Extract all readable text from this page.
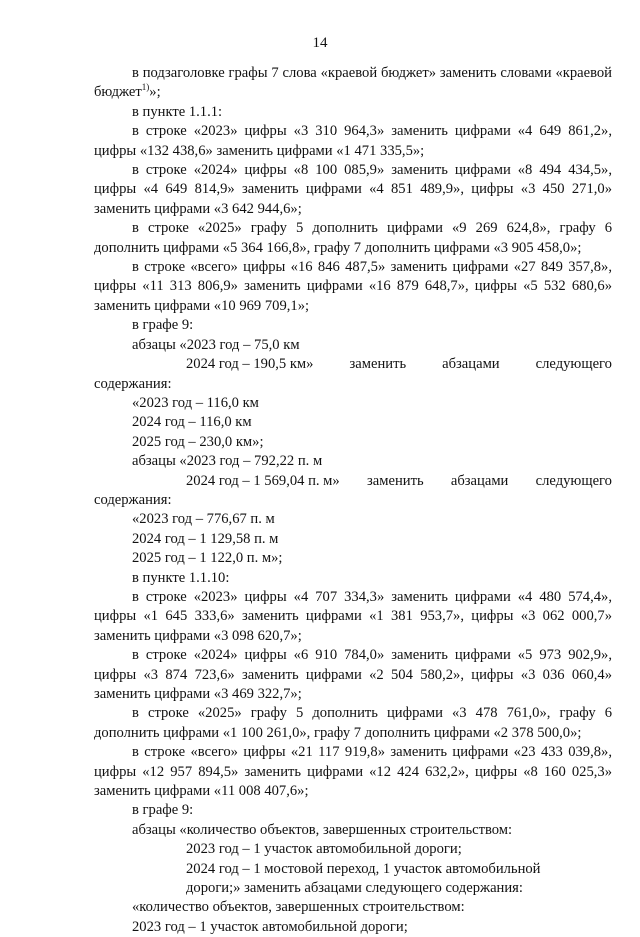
14

в подзаголовке графы 7 слова «краевой бюджет» заменить словами «краевой бюджет$^{1)}$»;

в пункте 1.1.1:

в строке «2023» цифры «3 310 964,3» заменить цифрами «4 649 861,2», цифры «132 438,6» заменить цифрами «1 471 335,5»;

в строке «2024» цифры «8 100 085,9» заменить цифрами «8 494 434,5», цифры «4 649 814,9» заменить цифрами «4 851 489,9», цифры «3 450 271,0» заменить цифрами «3 642 944,6»;

в строке «2025» графу 5 дополнить цифрами «9 269 624,8», графу 6 дополнить цифрами «5 364 166,8», графу 7 дополнить цифрами «3 905 458,0»;

в строке «всего» цифры «16 846 487,5» заменить цифрами «27 849 357,8», цифры «11 313 806,9» заменить цифрами «16 879 648,7», цифры «5 532 680,6» заменить цифрами «10 969 709,1»;

в графе 9:

абзацы «2023 год – 75,0 км

2024 год – 190,5 км» заменить абзацами следующего

содержания:

«2023 год – 116,0 км

2024 год – 116,0 км

2025 год – 230,0 км»;

абзацы «2023 год – 792,22 п. м

2024 год – 1 569,04 п. м» заменить абзацами следующего

содержания:

«2023 год – 776,67 п. м

2024 год – 1 129,58 п. м

2025 год – 1 122,0 п. м»;

в пункте 1.1.10:

в строке «2023» цифры «4 707 334,3» заменить цифрами «4 480 574,4», цифры «1 645 333,6» заменить цифрами «1 381 953,7», цифры «3 062 000,7» заменить цифрами «3 098 620,7»;

в строке «2024» цифры «6 910 784,0» заменить цифрами «5 973 902,9», цифры «3 874 723,6» заменить цифрами «2 504 580,2», цифры «3 036 060,4» заменить цифрами «3 469 322,7»;

в строке «2025» графу 5 дополнить цифрами «3 478 761,0», графу 6 дополнить цифрами «1 100 261,0», графу 7 дополнить цифрами «2 378 500,0»;

в строке «всего» цифры «21 117 919,8» заменить цифрами «23 433 039,8», цифры «12 957 894,5» заменить цифрами «12 424 632,2», цифры «8 160 025,3» заменить цифрами «11 008 407,6»;

в графе 9:

абзацы «количество объектов, завершенных строительством:

2023 год – 1 участок автомобильной дороги;

2024 год – 1 мостовой переход, 1 участок автомобильной

дороги;» заменить абзацами следующего содержания:

«количество объектов, завершенных строительством:

2023 год – 1 участок автомобильной дороги;
